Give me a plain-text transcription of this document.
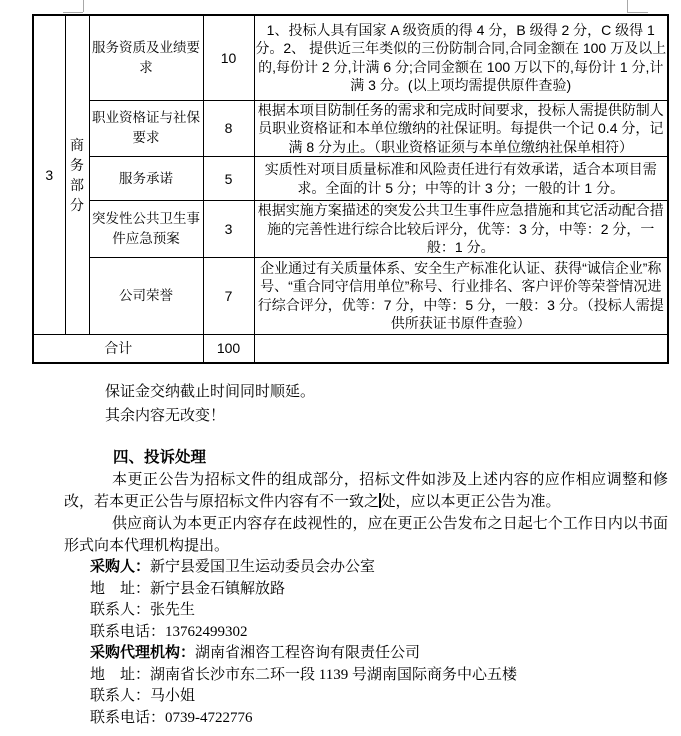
3	商务部分	服务资质及业绩要求	10	1、投标人具有国家 A 级资质的得 4 分，B 级得 2 分，C 级得 1 分。2、 提供近三年类似的三份防制合同,合同金额在 100 万及以上的,每份计 2 分,计满 6 分;合同金额在 100 万以下的,每份计 1 分,计满 3 分。(以上项均需提供原件查验)
		职业资格证与社保要求	8	根据本项目防制任务的需求和完成时间要求，投标人需提供防制人员职业资格证和本单位缴纳的社保证明。每提供一个记 0.4 分，记满 8 分为止。（职业资格证须与本单位缴纳社保单相符）
		服务承诺	5	实质性对项目质量标准和风险责任进行有效承诺，适合本项目需求。全面的计 5 分；中等的计 3 分；一般的计 1 分。
		突发性公共卫生事件应急预案	3	根据实施方案描述的突发公共卫生事件应急措施和其它活动配合措施的完善性进行综合比较后评分，优等：3 分，中等：2 分，一般：1 分。
		公司荣誉	7	企业通过有关质量体系、安全生产标准化认证、获得“诚信企业”称号、“重合同守信用单位”称号、行业排名、客户评价等荣誉情况进行综合评分，优等：7 分，中等：5 分，一般：3 分。（投标人需提供所获证书原件查验）
合计			100	

保证金交纳截止时间同时顺延。

其余内容无改变！

四、投诉处理

本更正公告为招标文件的组成部分，招标文件如涉及上述内容的应作相应调整和修改，若本更正公告与原招标文件内容有不一致之 处，应以本更正公告为准。

供应商认为本更正内容存在歧视性的，应在更正公告发布之日起七个工作日内以书面形式向本代理机构提出。

采购人：新宁县爱国卫生运动委员会办公室

地　址：新宁县金石镇解放路

联系人：张先生

联系电话：13762499302

采购代理机构：湖南省湘咨工程咨询有限责任公司

地　址：湖南省长沙市东二环一段 1139 号湖南国际商务中心五楼

联系人：马小姐

联系电话：0739-4722776
